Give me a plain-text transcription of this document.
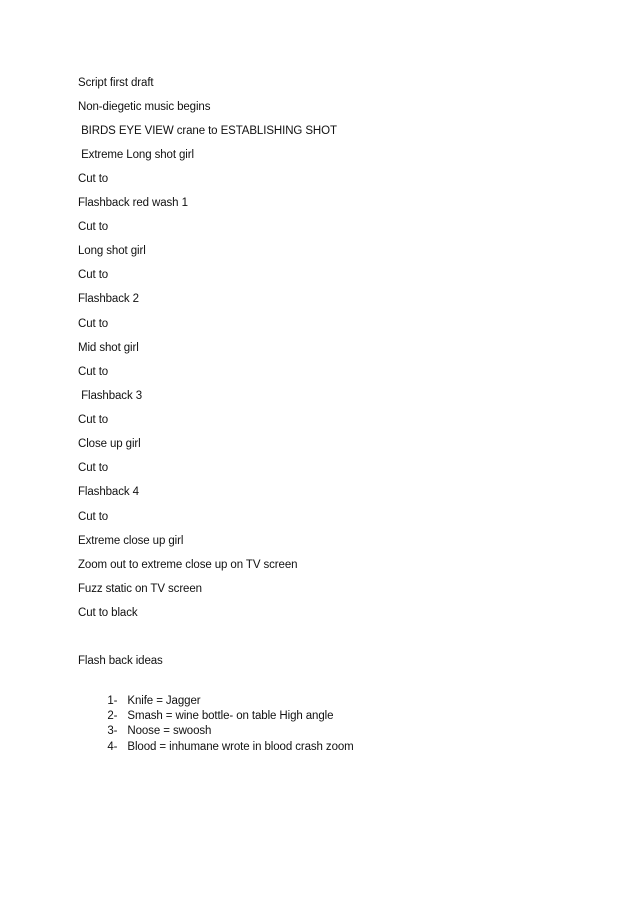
Script first draft
Non-diegetic music begins
BIRDS EYE VIEW crane to ESTABLISHING SHOT
Extreme Long shot girl
Cut to
Flashback red wash 1
Cut to
Long shot girl
Cut to
Flashback 2
Cut to
Mid shot girl
Cut to
Flashback 3
Cut to
Close up girl
Cut to
Flashback 4
Cut to
Extreme close up girl
Zoom out to extreme close up on TV screen
Fuzz static on TV screen
Cut to black
Flash back ideas

1- Knife = Jagger

2- Smash = wine bottle- on table High angle

3- Noose = swoosh

4- Blood = inhumane wrote in blood crash zoom
